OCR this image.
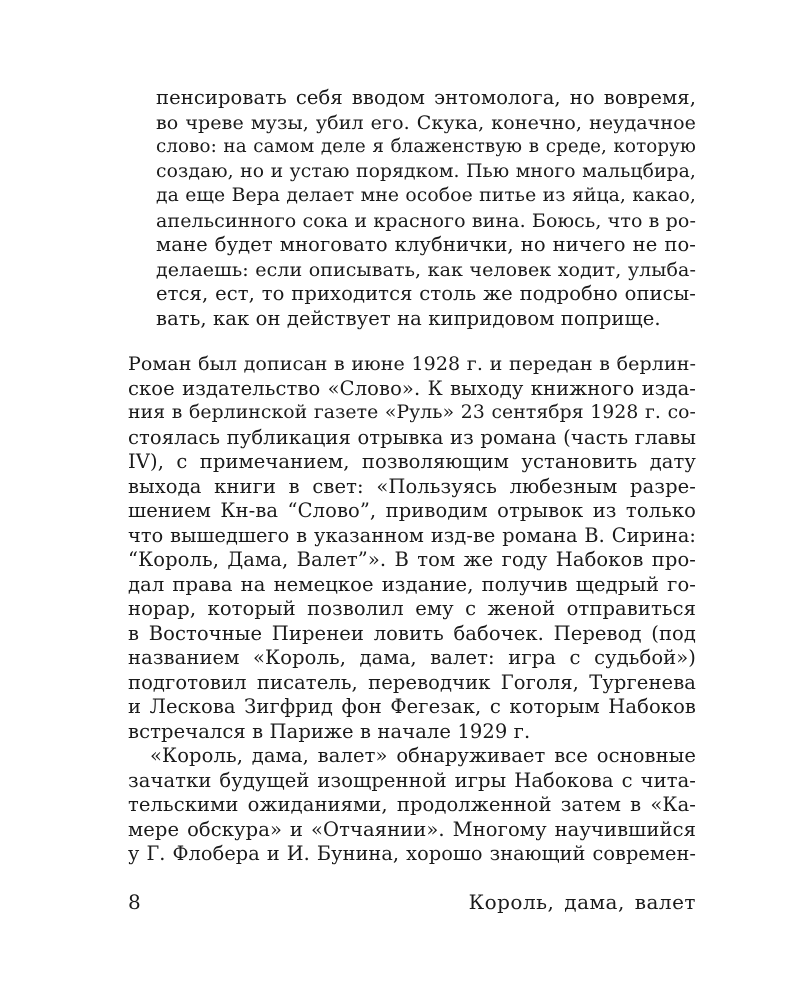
пенсировать себя вводом энтомолога, но вовремя,
во чреве музы, убил его. Скука, конечно, неудачное
слово: на самом деле я блаженствую в среде, которую
создаю, но и устаю порядком. Пью много мальцбира,
да еще Вера делает мне особое питье из яйца, какао,
апельсинного сока и красного вина. Боюсь, что в ро-
мане будет многовато клубнички, но ничего не по-
делаешь: если описывать, как человек ходит, улыба-
ется, ест, то приходится столь же подробно описы-
вать, как он действует на кипридовом поприще.
Роман был дописан в июне 1928 г. и передан в берлин-
ское издательство «Слово». К выходу книжного изда-
ния в берлинской газете «Руль» 23 сентября 1928 г. со-
стоялась публикация отрывка из романа (часть главы
IV), с примечанием, позволяющим установить дату
выхода книги в свет: «Пользуясь любезным разре-
шением Кн-ва “Слово”, приводим отрывок из только
что вышедшего в указанном изд-ве романа В. Сирина:
“Король, Дама, Валет”». В том же году Набоков про-
дал права на немецкое издание, получив щедрый го-
норар, который позволил ему с женой отправиться
в Восточные Пиренеи ловить бабочек. Перевод (под
названием «Король, дама, валет: игра с судьбой»)
подготовил писатель, переводчик Гоголя, Тургенева
и Лескова Зигфрид фон Фегезак, с которым Набоков
встречался в Париже в начале 1929 г.
«Король, дама, валет» обнаруживает все основные
зачатки будущей изощренной игры Набокова с чита-
тельскими ожиданиями, продолженной затем в «Ка-
мере обскура» и «Отчаянии». Многому научившийся
у Г. Флобера и И. Бунина, хорошо знающий современ-
8	Король, дама, валет
